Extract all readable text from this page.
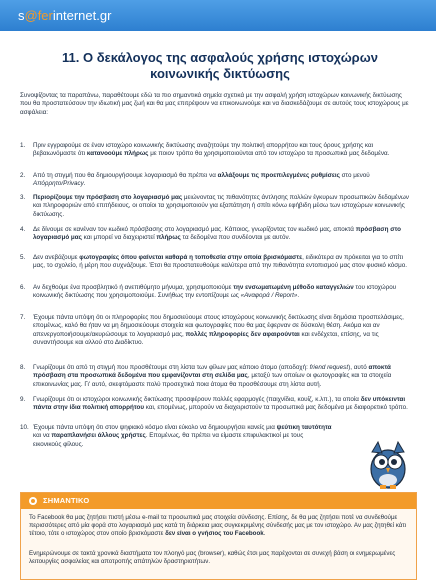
s@ferinternet.gr
11. Ο δεκάλογος της ασφαλούς χρήσης ιστοχώρων
κοινωνικής δικτύωσης
Συνοψίζοντας τα παραπάνω, παραθέτουμε εδώ τα πιο σημαντικά σημεία σχετικά με την ασφαλή χρήση ιστοχώρων κοινωνικής δικτύωσης που θα προστατεύσουν την ιδιωτική μας ζωή και θα μας επιτρέψουν να επικοινωνούμε και να διασκεδάζουμε σε αυτούς τους ιστοχώρους με ασφάλεια:
1.	Πριν εγγραφούμε σε έναν ιστοχώρο κοινωνικής δικτύωσης αναζητούμε την πολιτική απορρήτου και τους όρους χρήσης και βεβαιωνόμαστε ότι κατανοούμε πλήρως με ποιον τρόπο θα χρησιμοποιούνται από τον ιστοχώρο τα προσωπικά μας δεδομένα.
2.	Από τη στιγμή που θα δημιουργήσουμε λογαριασμό θα πρέπει να αλλάξουμε τις προεπιλεγμένες ρυθμίσεις στο μενού Απόρρητο/Privacy.
3.	Περιορίζουμε την πρόσβαση στο λογαριασμό μας μειώνοντας τις πιθανότητες άντλησης πολλών έγκυρων προσωπικών δεδομένων και πληροφοριών από επιτήδειους, οι οποίοι τα χρησιμοποιούν για εξαπάτηση ή σπίτι κόνω εφήβιδη μέσω των ιστοχώρων κοινωνικής δικτύωσης.
4.	Δε δίνουμε σε κανέναν τον κωδικό πρόσβασης στο λογαριασμό μας. Κάποιος, γνωρίζοντας τον κωδικό μας, αποκτά πρόσβαση στο λογαριασμό μας και μπορεί να διαχειριστεί πλήρως τα δεδομένα που συνδέονται με αυτόν.
5.	Δεν ανεβάζουμε φωτογραφίες όπου φαίνεται καθαρά η τοποθεσία στην οποία βρισκόμαστε, ειδικότερα αν πρόκειται για το σπίτι μας, το σχολείο, ή μέρη που συχνάζουμε. Έτσι θα προστατευθούμε καλύτερα από την πιθανότητα εντοπισμού μας στον φυσικό κόσμο.
6.	Αν δεχθούμε ένα προσβλητικό ή ανεπιθύμητο μήνυμα, χρησιμοποιούμε την ενσωματωμένη μέθοδο καταγγελιών του ιστοχώρου κοινωνικής δικτύωσης που χρησιμοποιούμε. Συνήθως την εντοπίζουμε ως «Αναφορά / Report».
7.	Έχουμε πάντα υπόψη ότι οι πληροφορίες που δημοσιεύουμε στους ιστοχώρους κοινωνικής δικτύωσης είναι δημόσια προσπελάσιμες, επομένως, καλό θα ήταν να μη δημοσιεύουμε στοιχεία και φωτογραφίες που θα μας έφερναν σε δύσκολη θέση. Ακόμα και αν απενεργοποιήσουμε/ακυρώσουμε το λογαριασμό μας, πολλές πληροφορίες δεν αφαιρούνται και ενδέχεται, επίσης, να τις συναντήσουμε και αλλού στο Διαδίκτυο.
8.	Γνωρίζουμε ότι από τη στιγμή που προσθέτουμε στη λίστα των φίλων μας κάποιο άτομο (αποδοχή: friend request), αυτό αποκτά πρόσβαση στα προσωπικά δεδομένα που εμφανίζονται στη σελίδα μας, μεταξύ των οποίων οι φωτογραφίες και τα στοιχεία επικοινωνίας μας. Γι' αυτό, σκεφτόμαστε πολύ προσεχτικά ποια άτομα θα προσθέσουμε στη λίστα αυτή.
9.	Γνωρίζουμε ότι οι ιστοχώροι κοινωνικής δικτύωσης προσφέρουν πολλές εφαρμογές (παιχνίδια, κουίζ, κ.λπ.), τα οποία δεν υπόκεινται πάντα στην ίδια πολιτική απορρήτου και, επομένως, μπορούν να διαχειριστούν τα προσωπικά μας δεδομένα με διαφορετικό τρόπο.
10. Έχουμε πάντα υπόψη ότι στον ψηφιακό κόσμο είναι εύκολο να δημιουργήσει κανείς μια ψεύτικη ταυτότητα και να παραπλανήσει άλλους χρήστες. Επομένως, θα πρέπει να είμαστε επιφυλακτικοί με τους εικονικούς φίλους.
ΣΗΜΑΝΤΙΚΟ
Το Facebook θα μας ζητήσει πιστή μέσω e-mail τα προσωπικά μας στοιχεία σύνδεσης. Επίσης, δε θα μας ζητήσει ποτέ να συνδεθούμε περισσότερες από μία φορά στο λογαριασμό μας κατά τη διάρκεια μιας συγκεκριμένης σύνδεσής μας με τον ιστοχώρο. Αν μας ζητηθεί κάτι τέτοιο, τότε ο ιστοχώρος στον οποίο βρισκόμαστε δεν είναι ο γνήσιος του Facebook.
Ενημερώνουμε σε τακτά χρονικά διαστήματα τον πλοηγό μας (browser), καθώς έτσι μας παρέχονται σε συνεχή βάση οι ενημερωμένες λειτουργίες ασφαλείας και αποτροπής απάτηλών δραστηριοτήτων.
